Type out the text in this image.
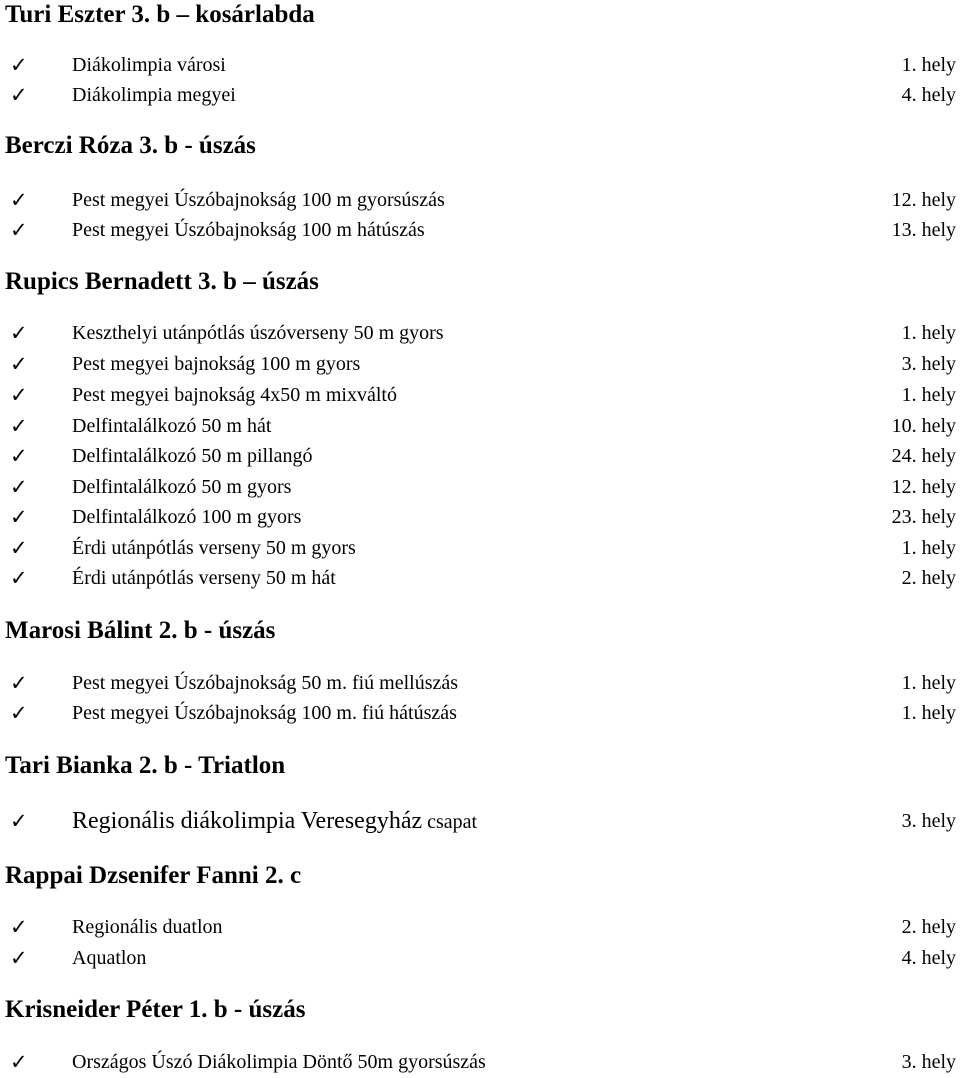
Turi Eszter 3. b – kosárlabda
✓	Diákolimpia városi	1. hely
✓	Diákolimpia megyei	4. hely
Berczi Róza 3. b - úszás
✓	Pest megyei Úszóbajnokság 100 m gyorsúszás	12. hely
✓	Pest megyei Úszóbajnokság 100 m hátúszás	13. hely
Rupics Bernadett 3. b – úszás
✓	Keszthelyi utánpótlás úszóverseny 50 m gyors	1. hely
✓	Pest megyei bajnokság 100 m gyors	3. hely
✓	Pest megyei bajnokság 4x50 m mixváltó	1. hely
✓	Delfintalálkozó 50 m hát	10. hely
✓	Delfintalálkozó 50 m pillangó	24. hely
✓	Delfintalálkozó 50 m gyors	12. hely
✓	Delfintalálkozó 100 m gyors	23. hely
✓	Érdi utánpótlás verseny 50 m gyors	1. hely
✓	Érdi utánpótlás verseny 50 m hát	2. hely
Marosi Bálint 2. b - úszás
✓	Pest megyei Úszóbajnokság 50 m. fiú mellúszás	1. hely
✓	Pest megyei Úszóbajnokság 100 m. fiú hátúszás	1. hely
Tari Bianka 2. b - Triatlon
✓ Regionális diákolimpia Veresegyház csapat	3. hely
Rappai Dzsenifer Fanni 2. c
✓	Regionális duatlon	2. hely
✓	Aquatlon	4. hely
Krisneider Péter 1. b - úszás
✓	Országos Úszó Diákolimpia Döntő 50m gyorsúszás	3. hely
